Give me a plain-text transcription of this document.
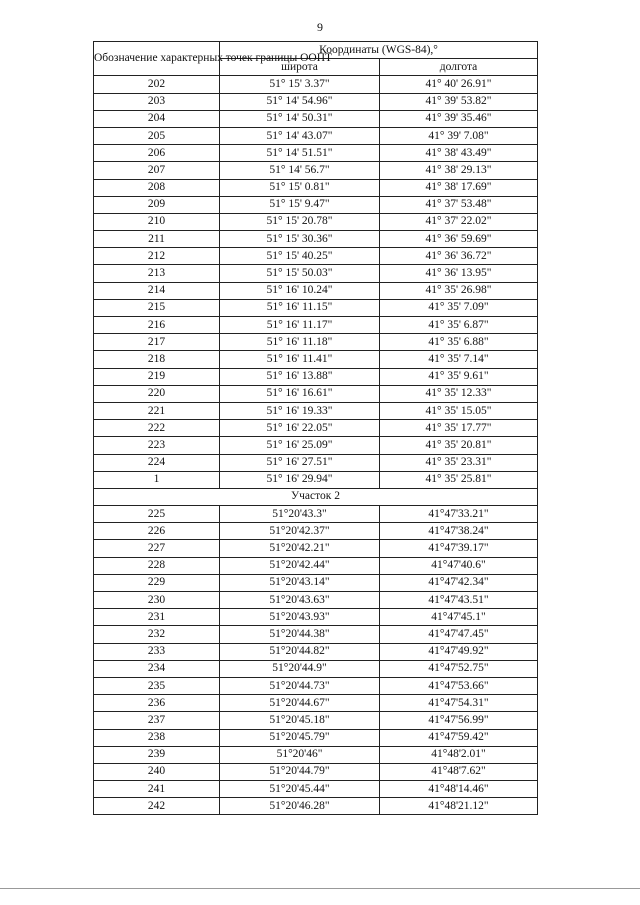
9
Обозначение характерных точек границы ООПТ	Координаты (WGS-84),°	
	широта	долгота
202	51° 15' 3.37"	41° 40' 26.91"
203	51° 14' 54.96"	41° 39' 53.82"
204	51° 14' 50.31"	41° 39' 35.46"
205	51° 14' 43.07"	41° 39' 7.08"
206	51° 14' 51.51"	41° 38' 43.49"
207	51° 14' 56.7"	41° 38' 29.13"
208	51° 15' 0.81"	41° 38' 17.69"
209	51° 15' 9.47"	41° 37' 53.48"
210	51° 15' 20.78"	41° 37' 22.02"
211	51° 15' 30.36"	41° 36' 59.69"
212	51° 15' 40.25"	41° 36' 36.72"
213	51° 15' 50.03"	41° 36' 13.95"
214	51° 16' 10.24"	41° 35' 26.98"
215	51° 16' 11.15"	41° 35' 7.09"
216	51° 16' 11.17"	41° 35' 6.87"
217	51° 16' 11.18"	41° 35' 6.88"
218	51° 16' 11.41"	41° 35' 7.14"
219	51° 16' 13.88"	41° 35' 9.61"
220	51° 16' 16.61"	41° 35' 12.33"
221	51° 16' 19.33"	41° 35' 15.05"
222	51° 16' 22.05"	41° 35' 17.77"
223	51° 16' 25.09"	41° 35' 20.81"
224	51° 16' 27.51"	41° 35' 23.31"
1	51° 16' 29.94"	41° 35' 25.81"
Участок 2		
225	51°20'43.3"	41°47'33.21"
226	51°20'42.37"	41°47'38.24"
227	51°20'42.21"	41°47'39.17"
228	51°20'42.44"	41°47'40.6"
229	51°20'43.14"	41°47'42.34"
230	51°20'43.63"	41°47'43.51"
231	51°20'43.93"	41°47'45.1"
232	51°20'44.38"	41°47'47.45"
233	51°20'44.82"	41°47'49.92"
234	51°20'44.9"	41°47'52.75"
235	51°20'44.73"	41°47'53.66"
236	51°20'44.67"	41°47'54.31"
237	51°20'45.18"	41°47'56.99"
238	51°20'45.79"	41°47'59.42"
239	51°20'46"	41°48'2.01"
240	51°20'44.79"	41°48'7.62"
241	51°20'45.44"	41°48'14.46"
242	51°20'46.28"	41°48'21.12"
